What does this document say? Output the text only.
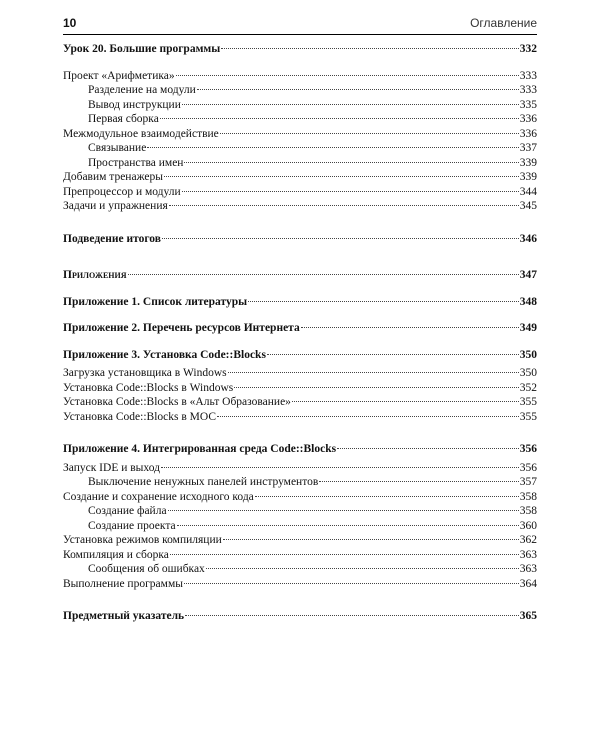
10	Оглавление
Урок 20. Большие программы	332
Проект «Арифметика»	333
Разделение на модули	333
Вывод инструкции	335
Первая сборка	336
Межмодульное взаимодействие	336
Связывание	337
Пространства имен	339
Добавим тренажеры	339
Препроцессор и модули	344
Задачи и упражнения	345
Подведение итогов	346
Приложения	347
Приложение 1. Список литературы	348
Приложение 2. Перечень ресурсов Интернета	349
Приложение 3. Установка Code::Blocks	350
Загрузка установщика в Windows	350
Установка Code::Blocks в Windows	352
Установка Code::Blocks в «Альт Образование»	355
Установка Code::Blocks в МОС	355
Приложение 4. Интегрированная среда Code::Blocks	356
Запуск IDE и выход	356
Выключение ненужных панелей инструментов	357
Создание и сохранение исходного кода	358
Создание файла	358
Создание проекта	360
Установка режимов компиляции	362
Компиляция и сборка	363
Сообщения об ошибках	363
Выполнение программы	364
Предметный указатель	365
